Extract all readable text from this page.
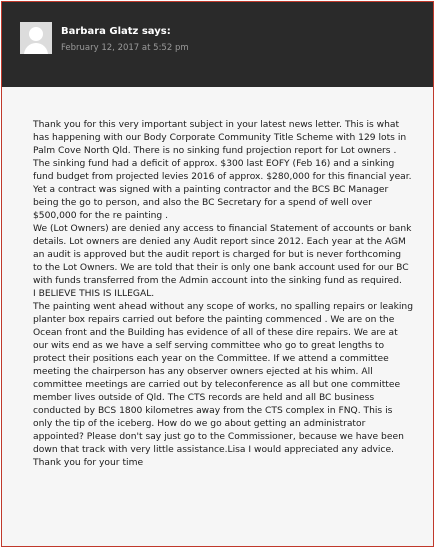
Barbara Glatz says:
February 12, 2017 at 5:52 pm

Thank you for this very important subject in your latest news letter. This is what has happening with our Body Corporate Community Title Scheme with 129 lots in Palm Cove North Qld. There is no sinking fund projection report for Lot owners . The sinking fund had a deficit of approx. $300 last EOFY (Feb 16) and a sinking fund budget from projected levies 2016 of approx. $280,000 for this financial year. Yet a contract was signed with a painting contractor and the BCS BC Manager being the go to person, and also the BC Secretary for a spend of well over $500,000 for the re painting .
We (Lot Owners) are denied any access to financial Statement of accounts or bank details. Lot owners are denied any Audit report since 2012. Each year at the AGM an audit is approved but the audit report is charged for but is never forthcoming to the Lot Owners. We are told that their is only one bank account used for our BC with funds transferred from the Admin account into the sinking fund as required.
I BELIEVE THIS IS ILLEGAL.
The painting went ahead without any scope of works, no spalling repairs or leaking planter box repairs carried out before the painting commenced . We are on the Ocean front and the Building has evidence of all of these dire repairs. We are at our wits end as we have a self serving committee who go to great lengths to protect their positions each year on the Committee. If we attend a committee meeting the chairperson has any observer owners ejected at his whim. All committee meetings are carried out by teleconference as all but one committee member lives outside of Qld. The CTS records are held and all BC business conducted by BCS 1800 kilometres away from the CTS complex in FNQ. This is only the tip of the iceberg. How do we go about getting an administrator appointed? Please don't say just go to the Commissioner, because we have been down that track with very little assistance.Lisa I would appreciated any advice.
Thank you for your time
